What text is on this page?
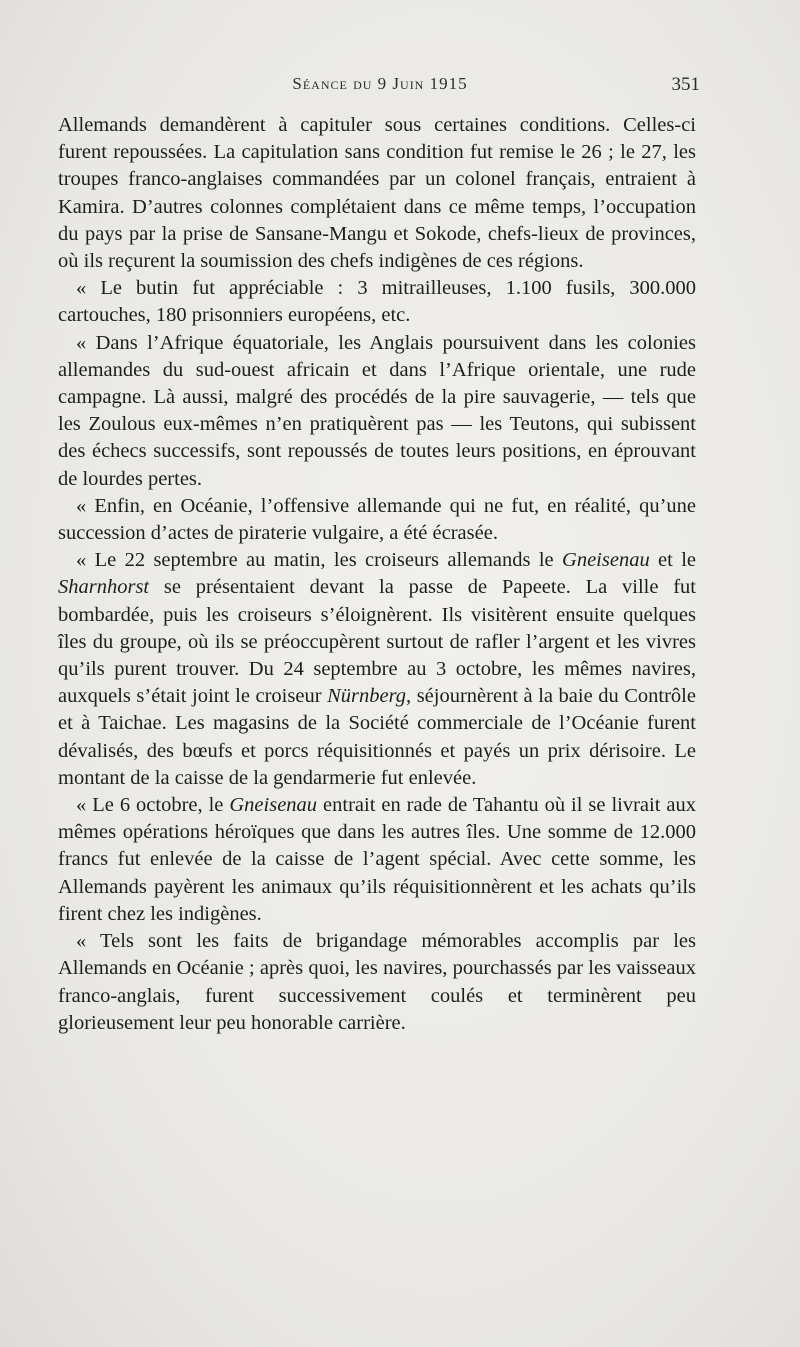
Séance du 9 Juin 1915	351

Allemands demandèrent à capituler sous certaines conditions. Celles-ci furent repoussées. La capitulation sans condition fut remise le 26 ; le 27, les troupes franco-anglaises commandées par un colonel français, entraient à Kamira. D’autres colonnes complétaient dans ce même temps, l’occupation du pays par la prise de Sansane-Mangu et Sokode, chefs-lieux de provinces, où ils reçurent la soumission des chefs indigènes de ces régions.

« Le butin fut appréciable : 3 mitrailleuses, 1.100 fusils, 300.000 cartouches, 180 prisonniers européens, etc.

« Dans l’Afrique équatoriale, les Anglais poursuivent dans les colonies allemandes du sud-ouest africain et dans l’Afrique orientale, une rude campagne. Là aussi, malgré des procédés de la pire sauvagerie, — tels que les Zoulous eux-mêmes n’en pratiquèrent pas — les Teutons, qui subissent des échecs successifs, sont repoussés de toutes leurs positions, en éprouvant de lourdes pertes.

« Enfin, en Océanie, l’offensive allemande qui ne fut, en réalité, qu’une succession d’actes de piraterie vulgaire, a été écrasée.

« Le 22 septembre au matin, les croiseurs allemands le Gneisenau et le Sharnhorst se présentaient devant la passe de Papeete. La ville fut bombardée, puis les croiseurs s’éloignèrent. Ils visitèrent ensuite quelques îles du groupe, où ils se préoccupèrent surtout de rafler l’argent et les vivres qu’ils purent trouver. Du 24 septembre au 3 octobre, les mêmes navires, auxquels s’était joint le croiseur Nürnberg, séjournèrent à la baie du Contrôle et à Taichae. Les magasins de la Société commerciale de l’Océanie furent dévalisés, des bœufs et porcs réquisitionnés et payés un prix dérisoire. Le montant de la caisse de la gendarmerie fut enlevée.

« Le 6 octobre, le Gneisenau entrait en rade de Tahantu où il se livrait aux mêmes opérations héroïques que dans les autres îles. Une somme de 12.000 francs fut enlevée de la caisse de l’agent spécial. Avec cette somme, les Allemands payèrent les animaux qu’ils réquisitionnèrent et les achats qu’ils firent chez les indigènes.

« Tels sont les faits de brigandage mémorables accomplis par les Allemands en Océanie ; après quoi, les navires, pourchassés par les vaisseaux franco-anglais, furent successivement coulés et terminèrent peu glorieusement leur peu honorable carrière.
